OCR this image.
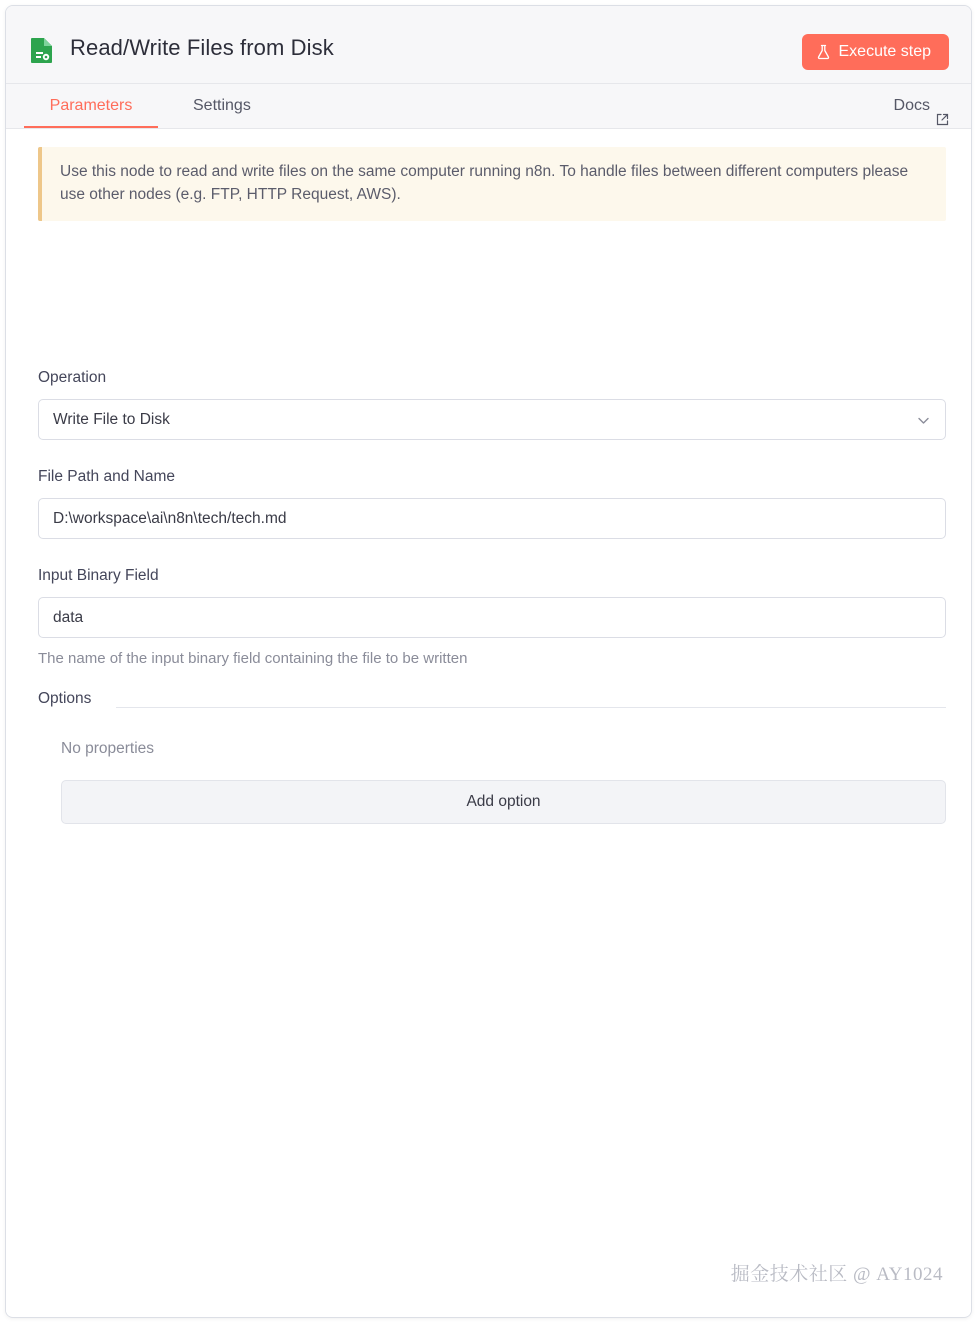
Read/Write Files from Disk	Execute step
Parameters	Settings	Docs
Use this node to read and write files on the same computer running n8n. To handle files between different computers please use other nodes (e.g. FTP, HTTP Request, AWS).
Operation
Write File to Disk
File Path and Name
D:\workspace\ai\n8n\tech/tech.md
Input Binary Field
data
The name of the input binary field containing the file to be written
Options
No properties
Add option
掘金技术社区 @ AY1024
